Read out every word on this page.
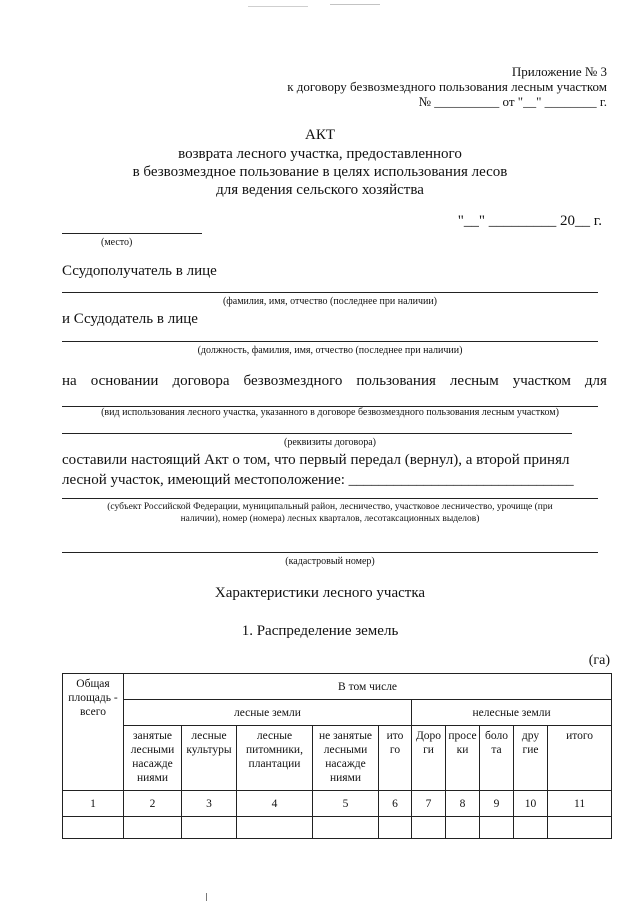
Приложение № 3
к договору безвозмездного пользования лесным участком
№ __________ от "__" ________ г.
АКТ
возврата лесного участка, предоставленного
в безвозмездное пользование в целях использования лесов
для ведения сельского хозяйства
(место)
"__" _________ 20__ г.
Ссудополучатель в лице
(фамилия, имя, отчество (последнее при наличии)
и Ссудодатель в лице
(должность, фамилия, имя, отчество (последнее при наличии)
на основании договора безвозмездного пользования лесным участком для
(вид использования лесного участка, указанного в договоре безвозмездного пользования лесным участком)
(реквизиты договора)
составили настоящий Акт о том, что первый передал (вернул), а второй принял
лесной участок, имеющий местоположение: ______________________________
(субъект Российской Федерации, муниципальный район, лесничество, участковое лесничество, урочище (при
наличии), номер (номера) лесных кварталов, лесотаксационных выделов)
(кадастровый номер)
Характеристики лесного участка
1. Распределение земель
(га)
Общая
площадь -
всего	В том числе									
	лесные земли					нелесные земли				
	занятые лесными насажде ниями	лесные культуры	лесные питомники, плантации	не занятые лесными насажде ниями	ито го	Доро ги	просе ки	боло та	дру гие	итого
1	2	3	4	5	6	7	8	9	10	11
